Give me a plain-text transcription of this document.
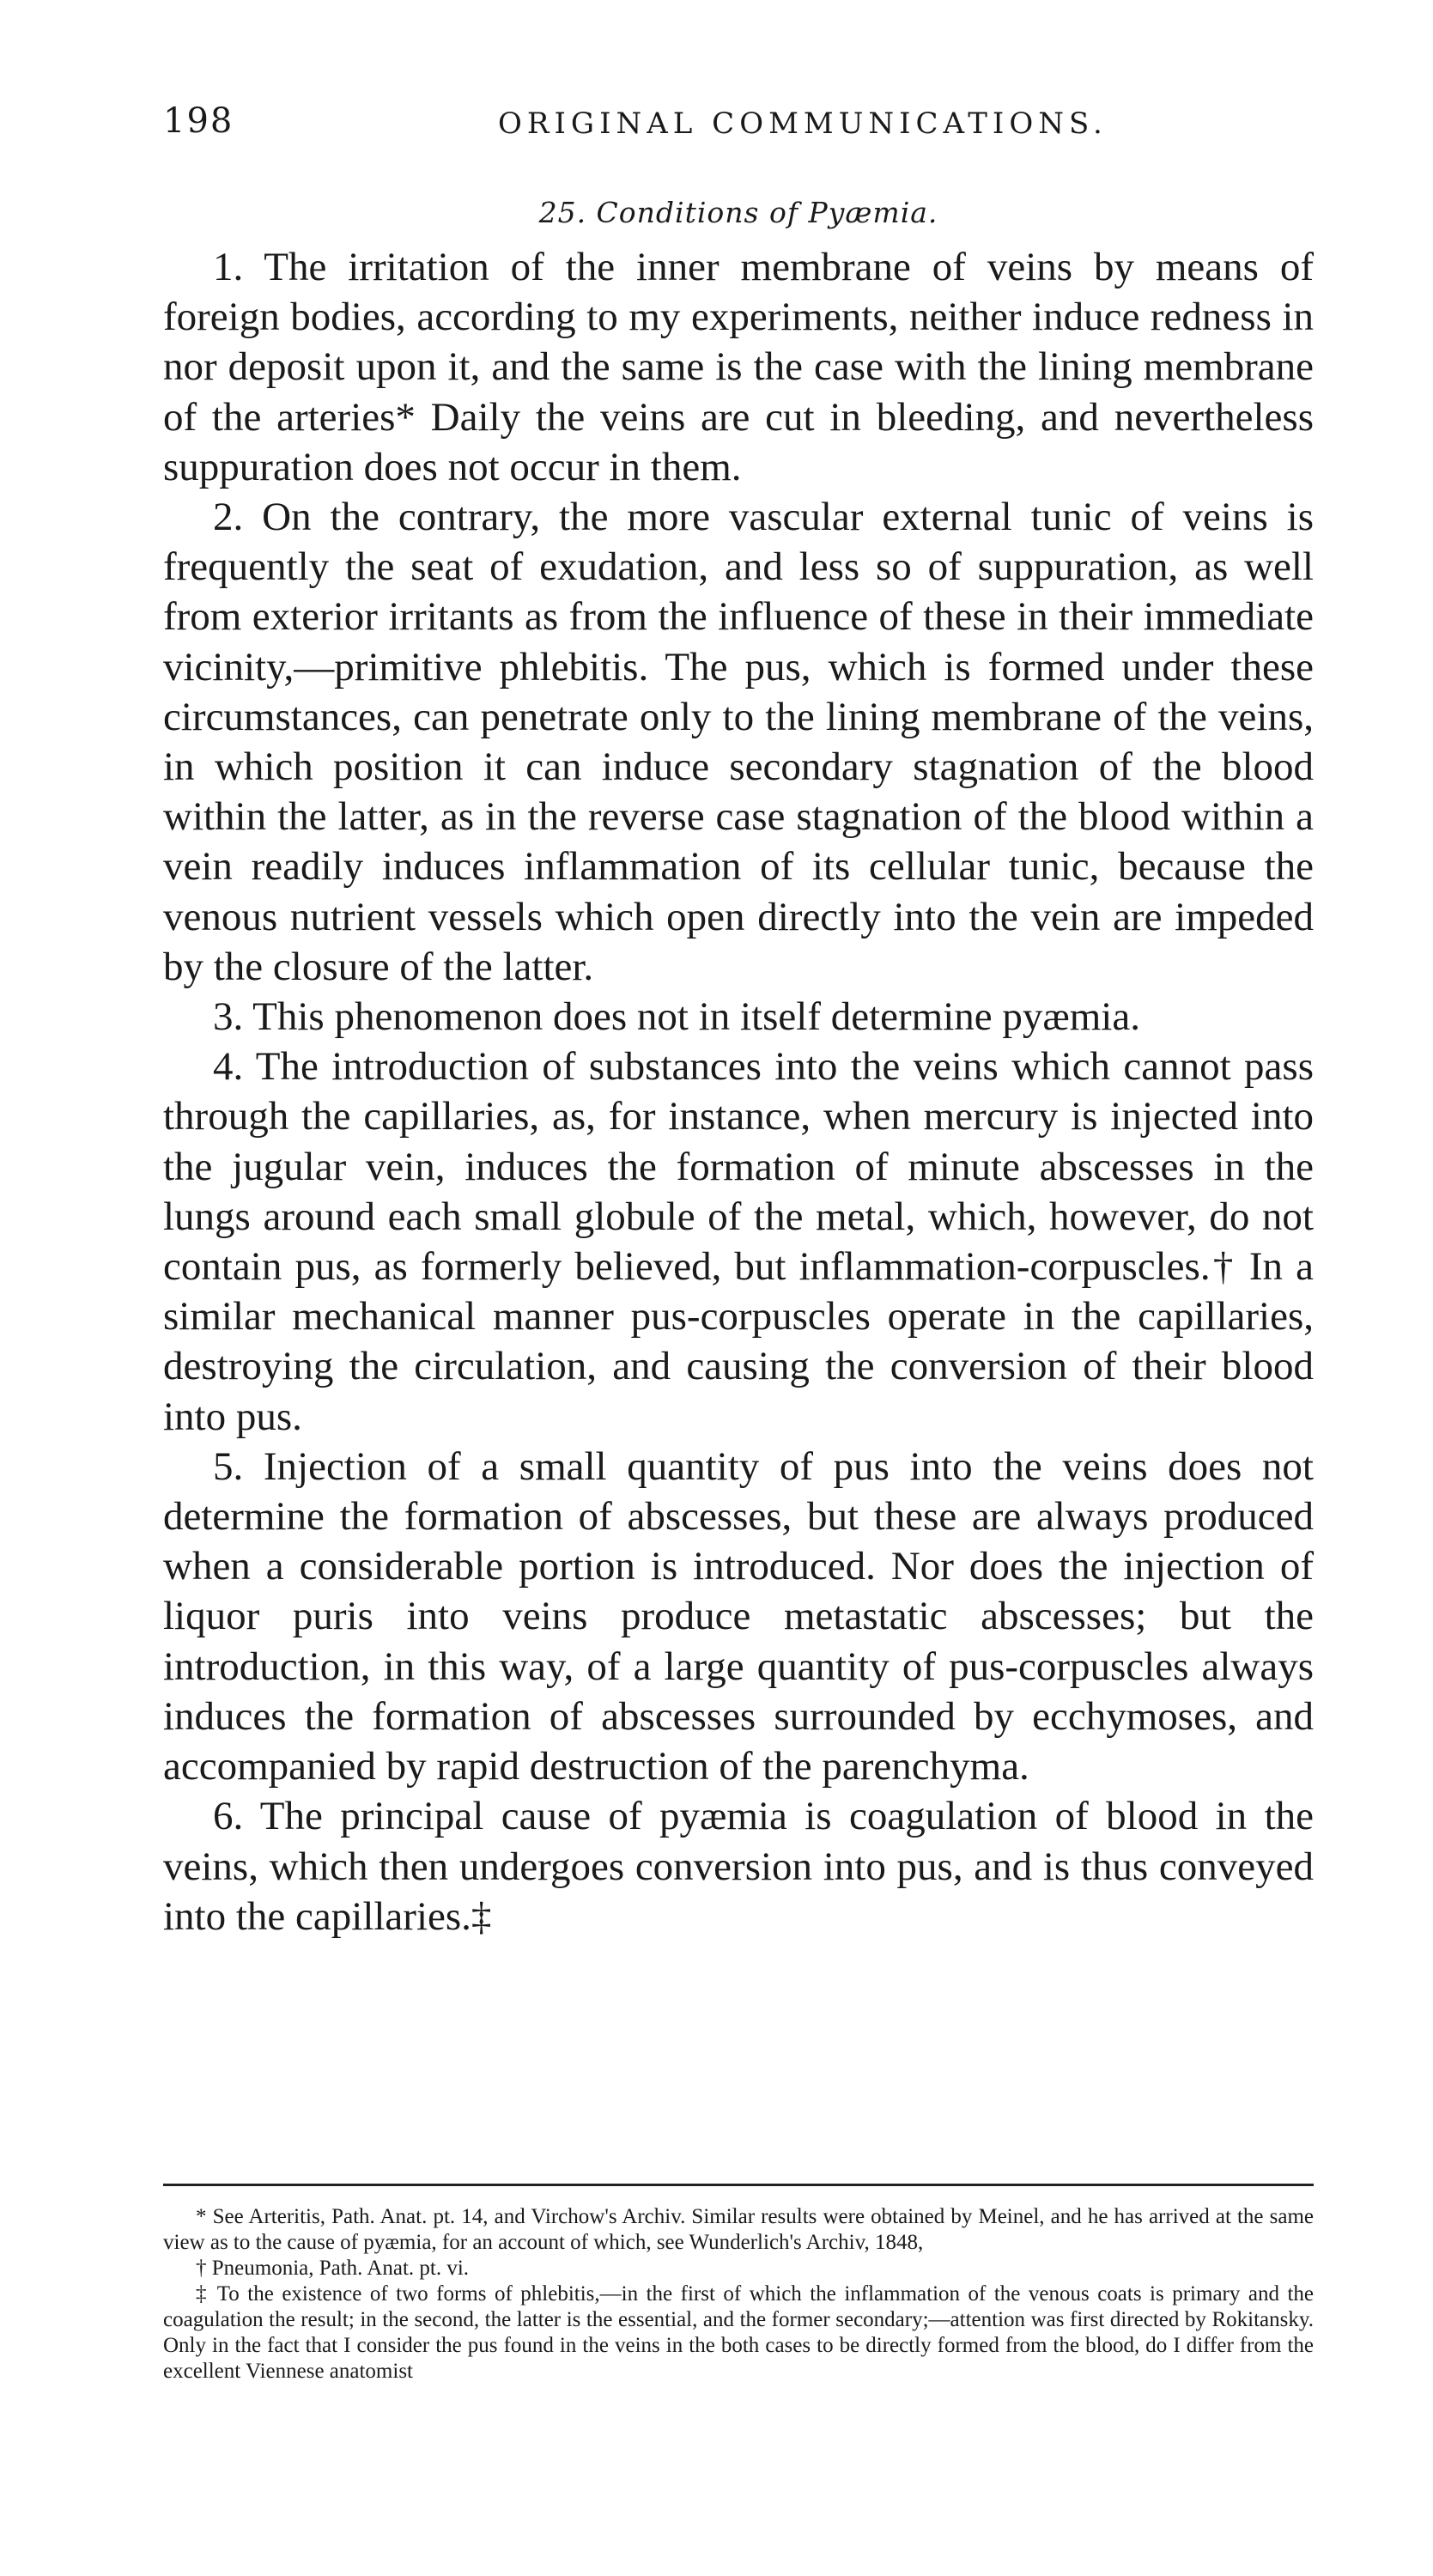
198	ORIGINAL COMMUNICATIONS.
25. Conditions of Pyæmia.

1. The irritation of the inner membrane of veins by means of foreign bodies, according to my experiments, neither induce redness in nor deposit upon it, and the same is the case with the lining membrane of the arteries* Daily the veins are cut in bleeding, and nevertheless suppuration does not occur in them.

2. On the contrary, the more vascular external tunic of veins is frequently the seat of exudation, and less so of suppuration, as well from exterior irritants as from the influence of these in their immediate vicinity,—primitive phlebitis. The pus, which is formed under these circumstances, can penetrate only to the lining membrane of the veins, in which position it can induce secondary stagnation of the blood within the latter, as in the reverse case stagnation of the blood within a vein readily induces inflammation of its cellular tunic, because the venous nutrient vessels which open directly into the vein are impeded by the closure of the latter.

3. This phenomenon does not in itself determine pyæmia.

4. The introduction of substances into the veins which cannot pass through the capillaries, as, for instance, when mercury is injected into the jugular vein, induces the formation of minute abscesses in the lungs around each small globule of the metal, which, however, do not contain pus, as formerly believed, but inflammation-corpuscles.† In a similar mechanical manner pus-corpuscles operate in the capillaries, destroying the circulation, and causing the conversion of their blood into pus.

5. Injection of a small quantity of pus into the veins does not determine the formation of abscesses, but these are always produced when a considerable portion is introduced. Nor does the injection of liquor puris into veins produce metastatic abscesses; but the introduction, in this way, of a large quantity of pus-corpuscles always induces the formation of abscesses surrounded by ecchymoses, and accompanied by rapid destruction of the parenchyma.

6. The principal cause of pyæmia is coagulation of blood in the veins, which then undergoes conversion into pus, and is thus conveyed into the capillaries.‡

* See Arteritis, Path. Anat. pt. 14, and Virchow's Archiv. Similar results were obtained by Meinel, and he has arrived at the same view as to the cause of pyæmia, for an account of which, see Wunderlich's Archiv, 1848,

† Pneumonia, Path. Anat. pt. vi.

‡ To the existence of two forms of phlebitis,—in the first of which the inflammation of the venous coats is primary and the coagulation the result; in the second, the latter is the essential, and the former secondary;—attention was first directed by Rokitansky. Only in the fact that I consider the pus found in the veins in the both cases to be directly formed from the blood, do I differ from the excellent Viennese anatomist
